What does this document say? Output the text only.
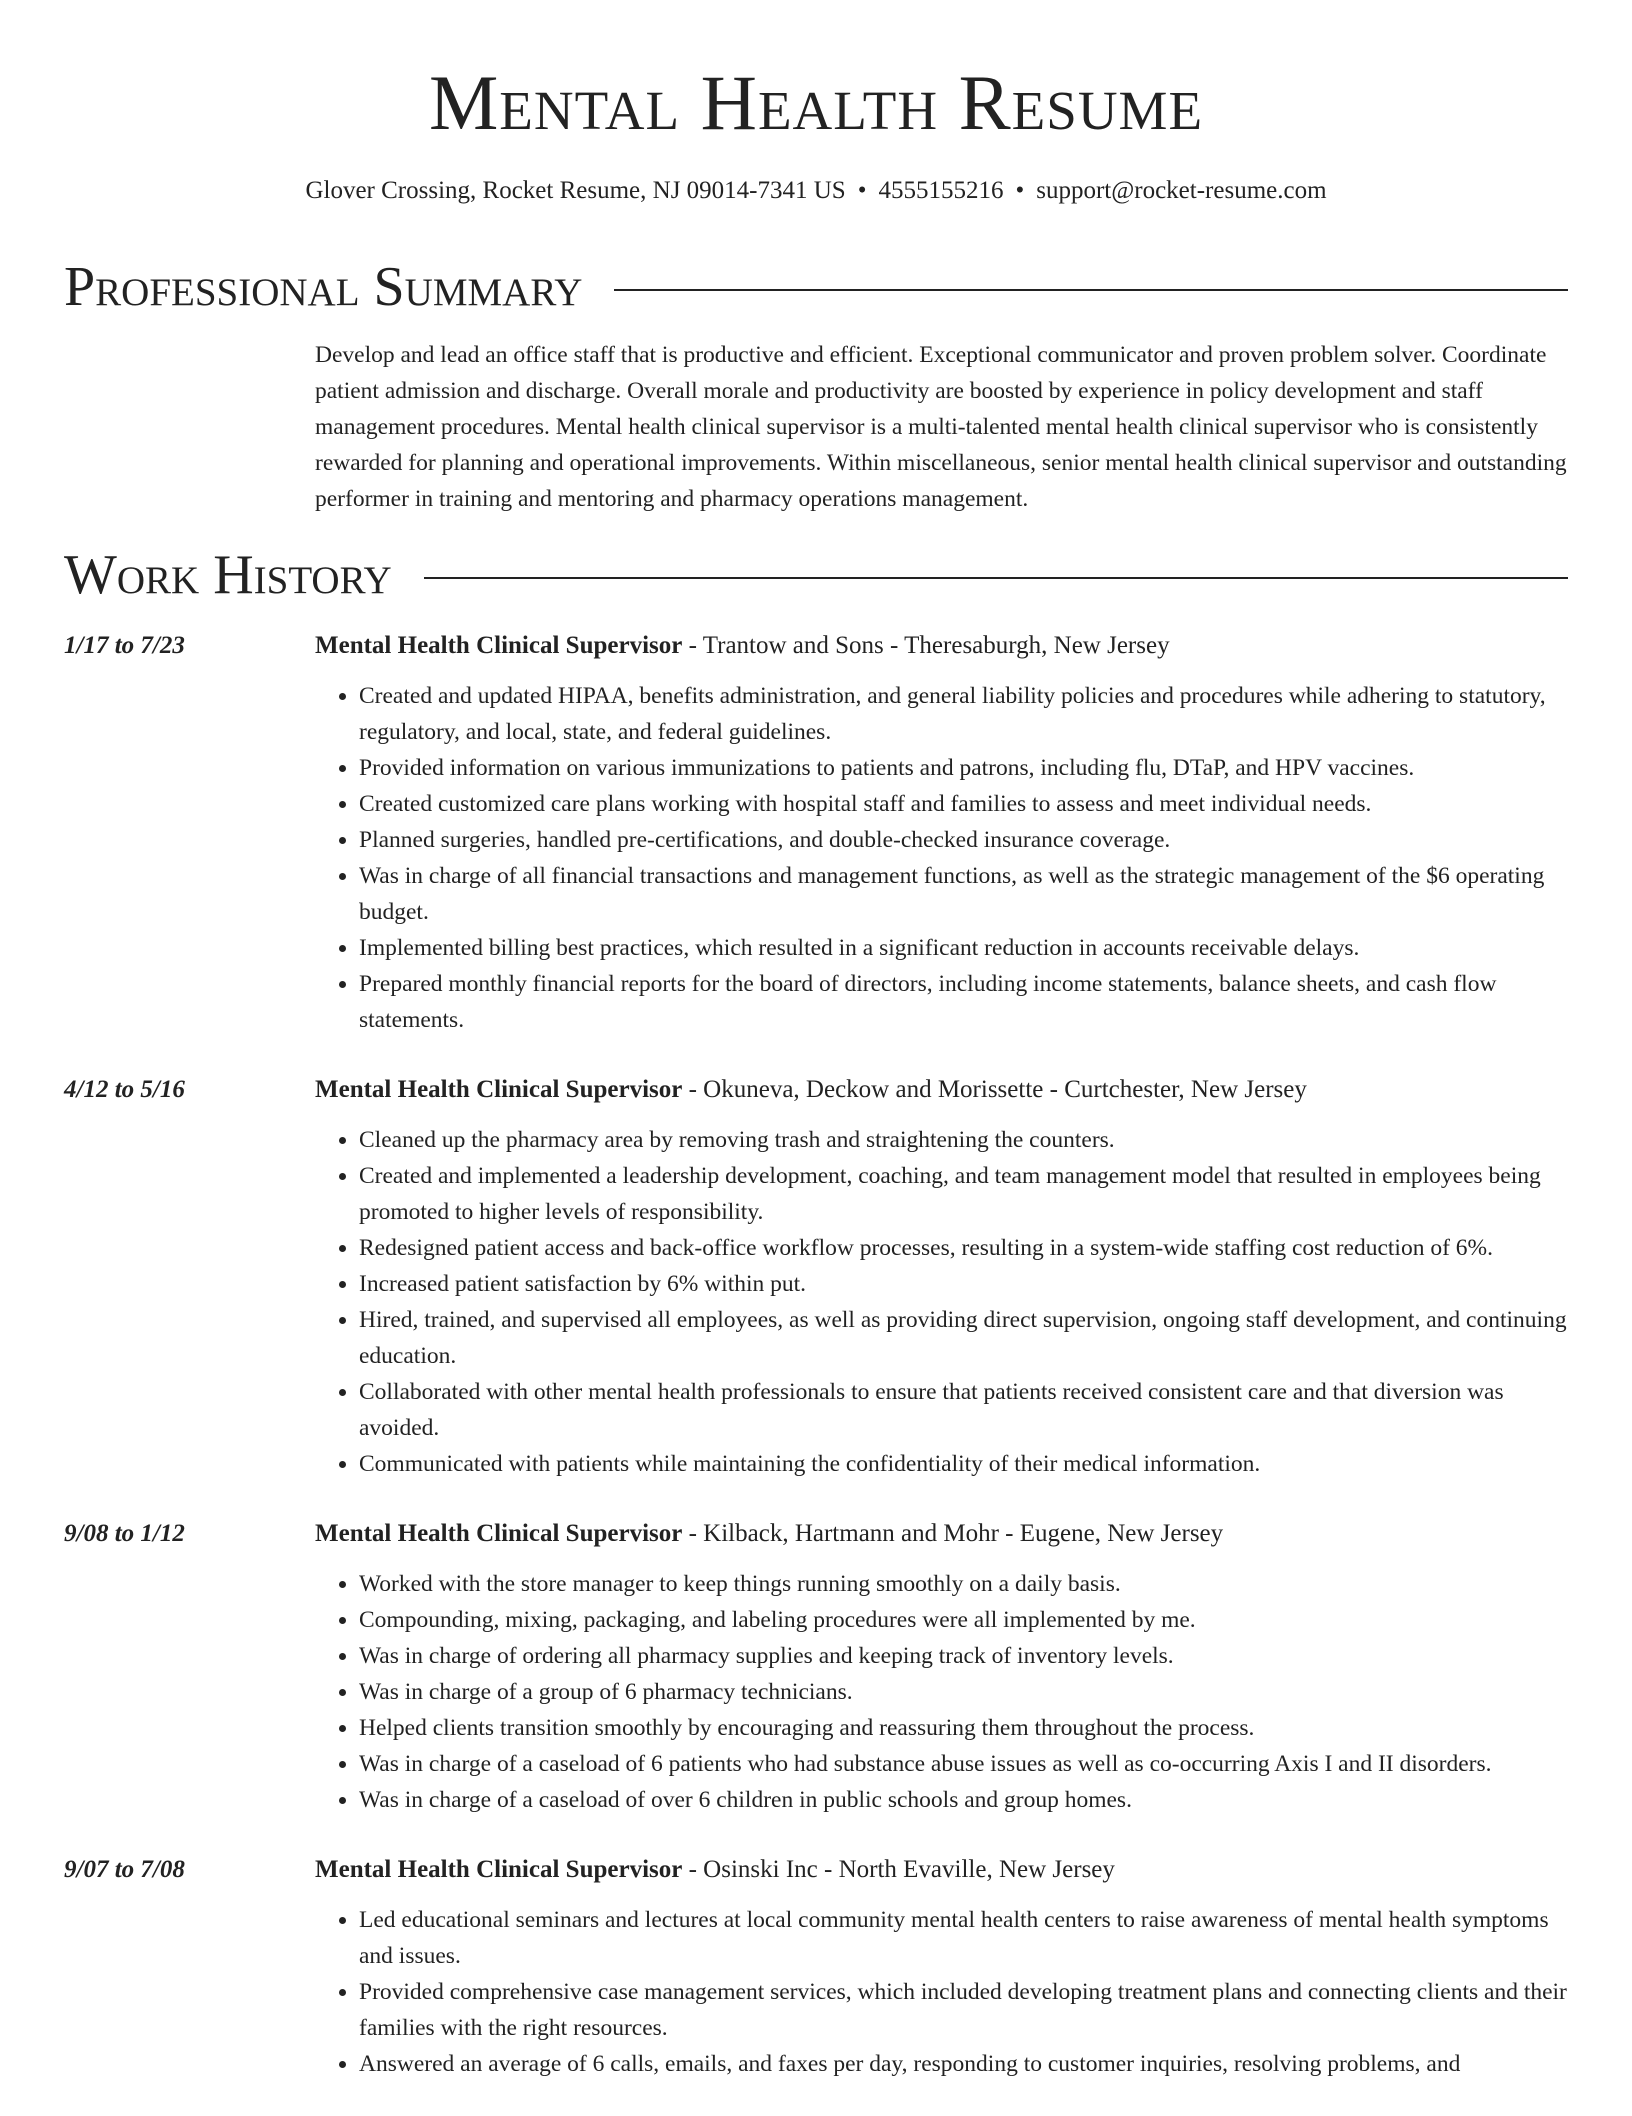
Mental Health Resume
Glover Crossing, Rocket Resume, NJ 09014-7341 US • 4555155216 • support@rocket-resume.com
Professional Summary
Develop and lead an office staff that is productive and efficient. Exceptional communicator and proven problem solver. Coordinate patient admission and discharge. Overall morale and productivity are boosted by experience in policy development and staff management procedures. Mental health clinical supervisor is a multi-talented mental health clinical supervisor who is consistently rewarded for planning and operational improvements. Within miscellaneous, senior mental health clinical supervisor and outstanding performer in training and mentoring and pharmacy operations management.
Work History
1/17 to 7/23	Mental Health Clinical Supervisor - Trantow and Sons - Theresaburgh, New Jersey
• Created and updated HIPAA, benefits administration, and general liability policies and procedures while adhering to statutory, regulatory, and local, state, and federal guidelines.
• Provided information on various immunizations to patients and patrons, including flu, DTaP, and HPV vaccines.
• Created customized care plans working with hospital staff and families to assess and meet individual needs.
• Planned surgeries, handled pre-certifications, and double-checked insurance coverage.
• Was in charge of all financial transactions and management functions, as well as the strategic management of the $6 operating budget.
• Implemented billing best practices, which resulted in a significant reduction in accounts receivable delays.
• Prepared monthly financial reports for the board of directors, including income statements, balance sheets, and cash flow statements.
4/12 to 5/16	Mental Health Clinical Supervisor - Okuneva, Deckow and Morissette - Curtchester, New Jersey
• Cleaned up the pharmacy area by removing trash and straightening the counters.
• Created and implemented a leadership development, coaching, and team management model that resulted in employees being promoted to higher levels of responsibility.
• Redesigned patient access and back-office workflow processes, resulting in a system-wide staffing cost reduction of 6%.
• Increased patient satisfaction by 6% within put.
• Hired, trained, and supervised all employees, as well as providing direct supervision, ongoing staff development, and continuing education.
• Collaborated with other mental health professionals to ensure that patients received consistent care and that diversion was avoided.
• Communicated with patients while maintaining the confidentiality of their medical information.
9/08 to 1/12	Mental Health Clinical Supervisor - Kilback, Hartmann and Mohr - Eugene, New Jersey
• Worked with the store manager to keep things running smoothly on a daily basis.
• Compounding, mixing, packaging, and labeling procedures were all implemented by me.
• Was in charge of ordering all pharmacy supplies and keeping track of inventory levels.
• Was in charge of a group of 6 pharmacy technicians.
• Helped clients transition smoothly by encouraging and reassuring them throughout the process.
• Was in charge of a caseload of 6 patients who had substance abuse issues as well as co-occurring Axis I and II disorders.
• Was in charge of a caseload of over 6 children in public schools and group homes.
9/07 to 7/08	Mental Health Clinical Supervisor - Osinski Inc - North Evaville, New Jersey
• Led educational seminars and lectures at local community mental health centers to raise awareness of mental health symptoms and issues.
• Provided comprehensive case management services, which included developing treatment plans and connecting clients and their families with the right resources.
• Answered an average of 6 calls, emails, and faxes per day, responding to customer inquiries, resolving problems, and
